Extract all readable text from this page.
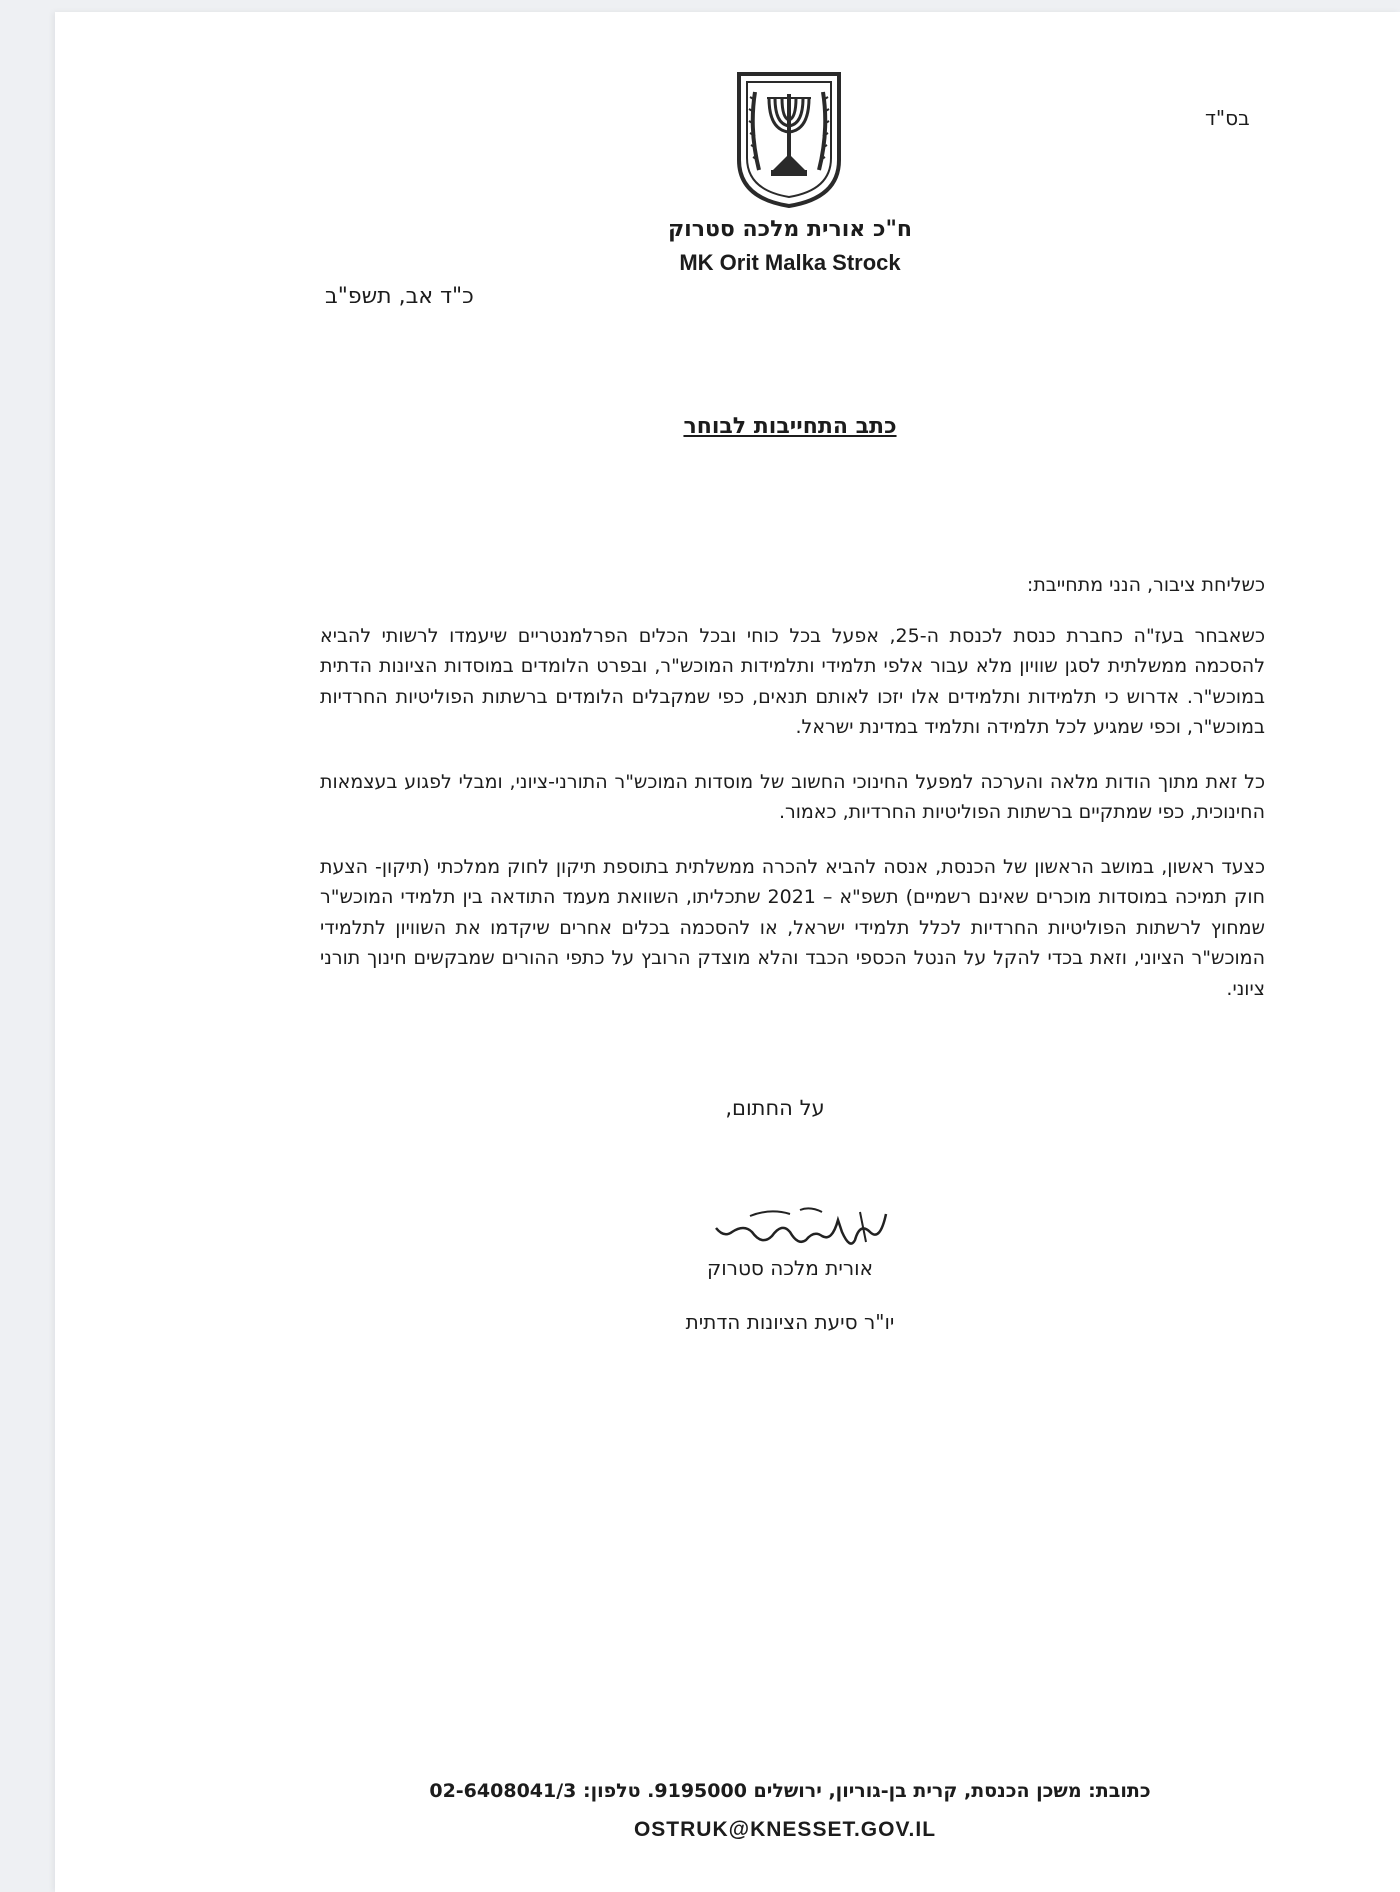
בס"ד
ח"כ אורית מלכה סטרוק
MK Orit Malka Strock
כ"ד אב, תשפ"ב
כתב התחייבות לבוחר

כשליחת ציבור, הנני מתחייבת:

כשאבחר בעז"ה כחברת כנסת לכנסת ה-25, אפעל בכל כוחי ובכל הכלים הפרלמנטריים שיעמדו לרשותי להביא להסכמה ממשלתית לסגן שוויון מלא עבור אלפי תלמידי ותלמידות המוכש"ר, ובפרט הלומדים במוסדות הציונות הדתית במוכש"ר. אדרוש כי תלמידות ותלמידים אלו יזכו לאותם תנאים, כפי שמקבלים הלומדים ברשתות הפוליטיות החרדיות במוכש"ר, וכפי שמגיע לכל תלמידה ותלמיד במדינת ישראל.

כל זאת מתוך הודות מלאה והערכה למפעל החינוכי החשוב של מוסדות המוכש"ר התורני-ציוני, ומבלי לפגוע בעצמאות החינוכית, כפי שמתקיים ברשתות הפוליטיות החרדיות, כאמור.

כצעד ראשון, במושב הראשון של הכנסת, אנסה להביא להכרה ממשלתית בתוספת תיקון לחוק ממלכתי (תיקון- הצעת חוק תמיכה במוסדות מוכרים שאינם רשמיים) תשפ"א – 2021 שתכליתו, השוואת מעמד התודאה בין תלמידי המוכש"ר שמחוץ לרשתות הפוליטיות החרדיות לכלל תלמידי ישראל, או להסכמה בכלים אחרים שיקדמו את השוויון לתלמידי המוכש"ר הציוני, וזאת בכדי להקל על הנטל הכספי הכבד והלא מוצדק הרובץ על כתפי ההורים שמבקשים חינוך תורני ציוני.

על החתום,
אורית מלכה סטרוק
יו"ר סיעת הציונות הדתית
כתובת: משכן הכנסת, קרית בן-גוריון, ירושלים 9195000. טלפון: 02-6408041/3
OSTRUK@KNESSET.GOV.IL
